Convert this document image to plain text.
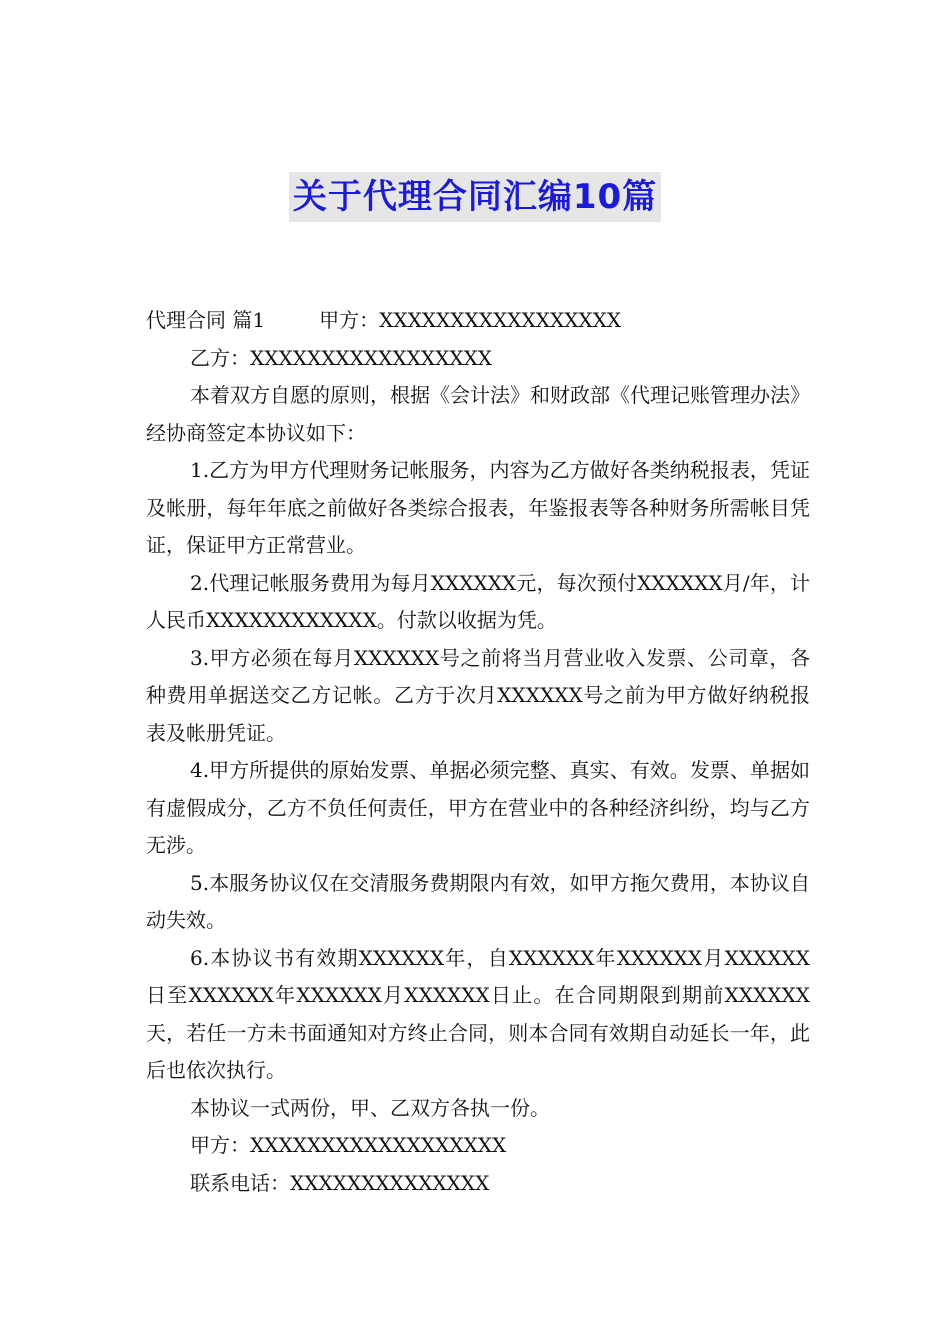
关于代理合同汇编10篇

代理合同 篇1	甲方：XXXXXXXXXXXXXXXXX

乙方：XXXXXXXXXXXXXXXXX

本着双方自愿的原则，根据《会计法》和财政部《代理记账管理办法》经协商签定本协议如下：

1.乙方为甲方代理财务记帐服务，内容为乙方做好各类纳税报表，凭证及帐册，每年年底之前做好各类综合报表，年鉴报表等各种财务所需帐目凭证，保证甲方正常营业。

2.代理记帐服务费用为每月XXXXXX元，每次预付XXXXXX月/年，计人民币XXXXXXXXXXXX。付款以收据为凭。

3.甲方必须在每月XXXXXX号之前将当月营业收入发票、公司章，各种费用单据送交乙方记帐。乙方于次月XXXXXX号之前为甲方做好纳税报表及帐册凭证。

4.甲方所提供的原始发票、单据必须完整、真实、有效。发票、单据如有虚假成分，乙方不负任何责任，甲方在营业中的各种经济纠纷，均与乙方无涉。

5.本服务协议仅在交清服务费期限内有效，如甲方拖欠费用，本协议自动失效。

6.本协议书有效期XXXXXX年，自XXXXXX年XXXXXX月XXXXXX日至XXXXXX年XXXXXX月XXXXXX日止。在合同期限到期前XXXXXX天，若任一方未书面通知对方终止合同，则本合同有效期自动延长一年，此后也依次执行。

本协议一式两份，甲、乙双方各执一份。

甲方：XXXXXXXXXXXXXXXXXX

联系电话：XXXXXXXXXXXXXX
